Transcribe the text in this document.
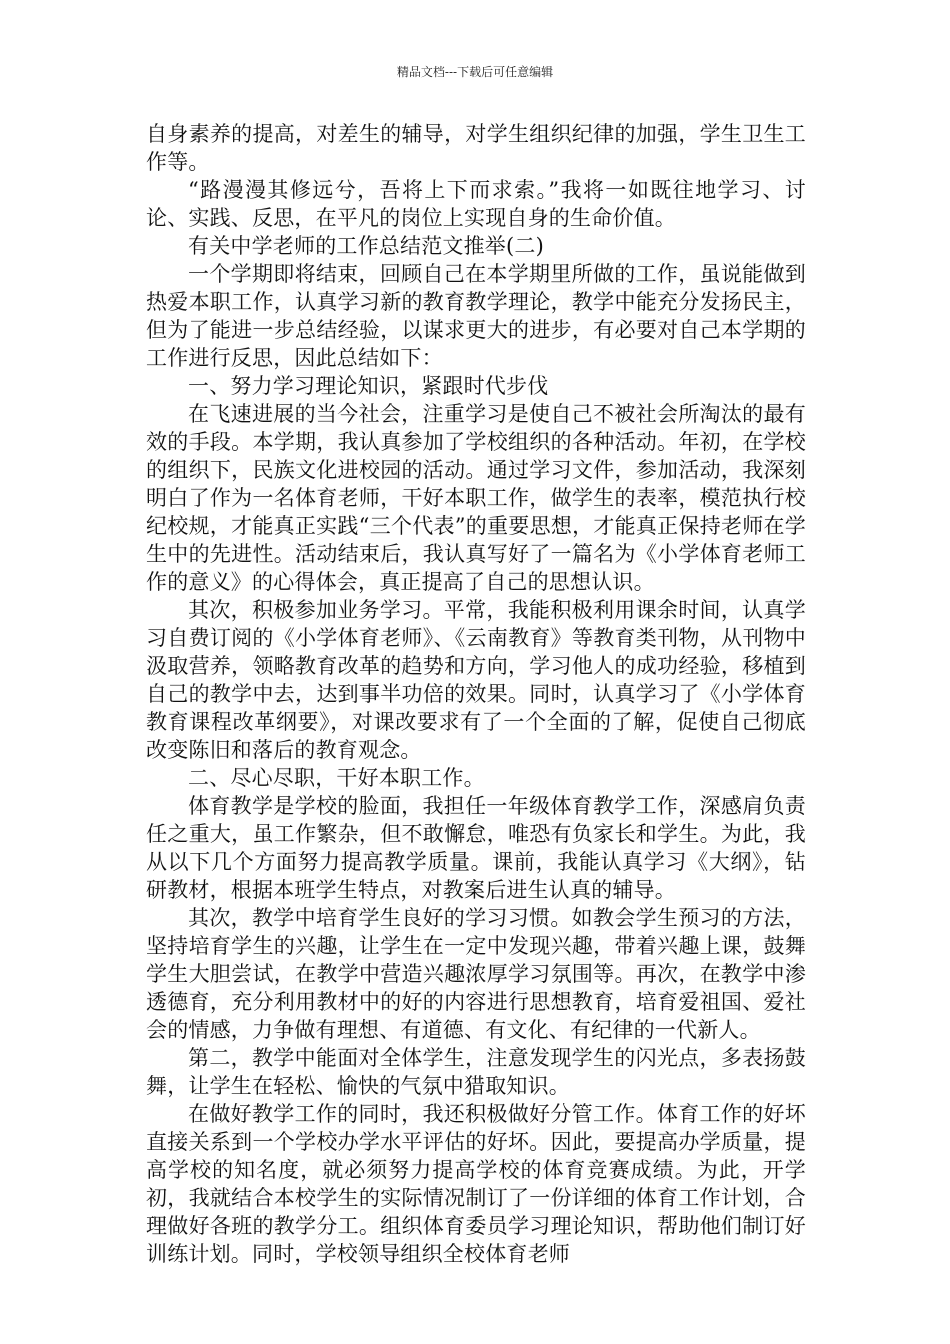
精品文档---下载后可任意编辑

自身素养的提高，对差生的辅导，对学生组织纪律的加强，学生卫生工作等。

“路漫漫其修远兮，吾将上下而求索。”我将一如既往地学习、讨论、实践、反思，在平凡的岗位上实现自身的生命价值。

有关中学老师的工作总结范文推举(二)

一个学期即将结束，回顾自己在本学期里所做的工作，虽说能做到热爱本职工作，认真学习新的教育教学理论，教学中能充分发扬民主，但为了能进一步总结经验，以谋求更大的进步，有必要对自己本学期的工作进行反思，因此总结如下：

一、努力学习理论知识，紧跟时代步伐

在飞速进展的当今社会，注重学习是使自己不被社会所淘汰的最有效的手段。本学期，我认真参加了学校组织的各种活动。年初，在学校的组织下，民族文化进校园的活动。通过学习文件，参加活动，我深刻明白了作为一名体育老师，干好本职工作，做学生的表率，模范执行校纪校规，才能真正实践“三个代表”的重要思想，才能真正保持老师在学生中的先进性。活动结束后，我认真写好了一篇名为《小学体育老师工作的意义》的心得体会，真正提高了自己的思想认识。

其次，积极参加业务学习。平常，我能积极利用课余时间，认真学习自费订阅的《小学体育老师》、《云南教育》等教育类刊物，从刊物中汲取营养，领略教育改革的趋势和方向，学习他人的成功经验，移植到自己的教学中去，达到事半功倍的效果。同时，认真学习了《小学体育教育课程改革纲要》，对课改要求有了一个全面的了解，促使自己彻底改变陈旧和落后的教育观念。

二、尽心尽职，干好本职工作。

体育教学是学校的脸面，我担任一年级体育教学工作，深感肩负责任之重大，虽工作繁杂，但不敢懈怠，唯恐有负家长和学生。为此，我从以下几个方面努力提高教学质量。课前，我能认真学习《大纲》，钻研教材，根据本班学生特点，对教案后进生认真的辅导。

其次，教学中培育学生良好的学习习惯。如教会学生预习的方法，坚持培育学生的兴趣，让学生在一定中发现兴趣，带着兴趣上课，鼓舞学生大胆尝试，在教学中营造兴趣浓厚学习氛围等。再次，在教学中渗透德育，充分利用教材中的好的内容进行思想教育，培育爱祖国、爱社会的情感，力争做有理想、有道德、有文化、有纪律的一代新人。

第二，教学中能面对全体学生，注意发现学生的闪光点，多表扬鼓舞，让学生在轻松、愉快的气氛中猎取知识。

在做好教学工作的同时，我还积极做好分管工作。体育工作的好坏直接关系到一个学校办学水平评估的好坏。因此，要提高办学质量，提高学校的知名度，就必须努力提高学校的体育竞赛成绩。为此，开学初，我就结合本校学生的实际情况制订了一份详细的体育工作计划，合理做好各班的教学分工。组织体育委员学习理论知识，帮助他们制订好训练计划。同时，学校领导组织全校体育老师
